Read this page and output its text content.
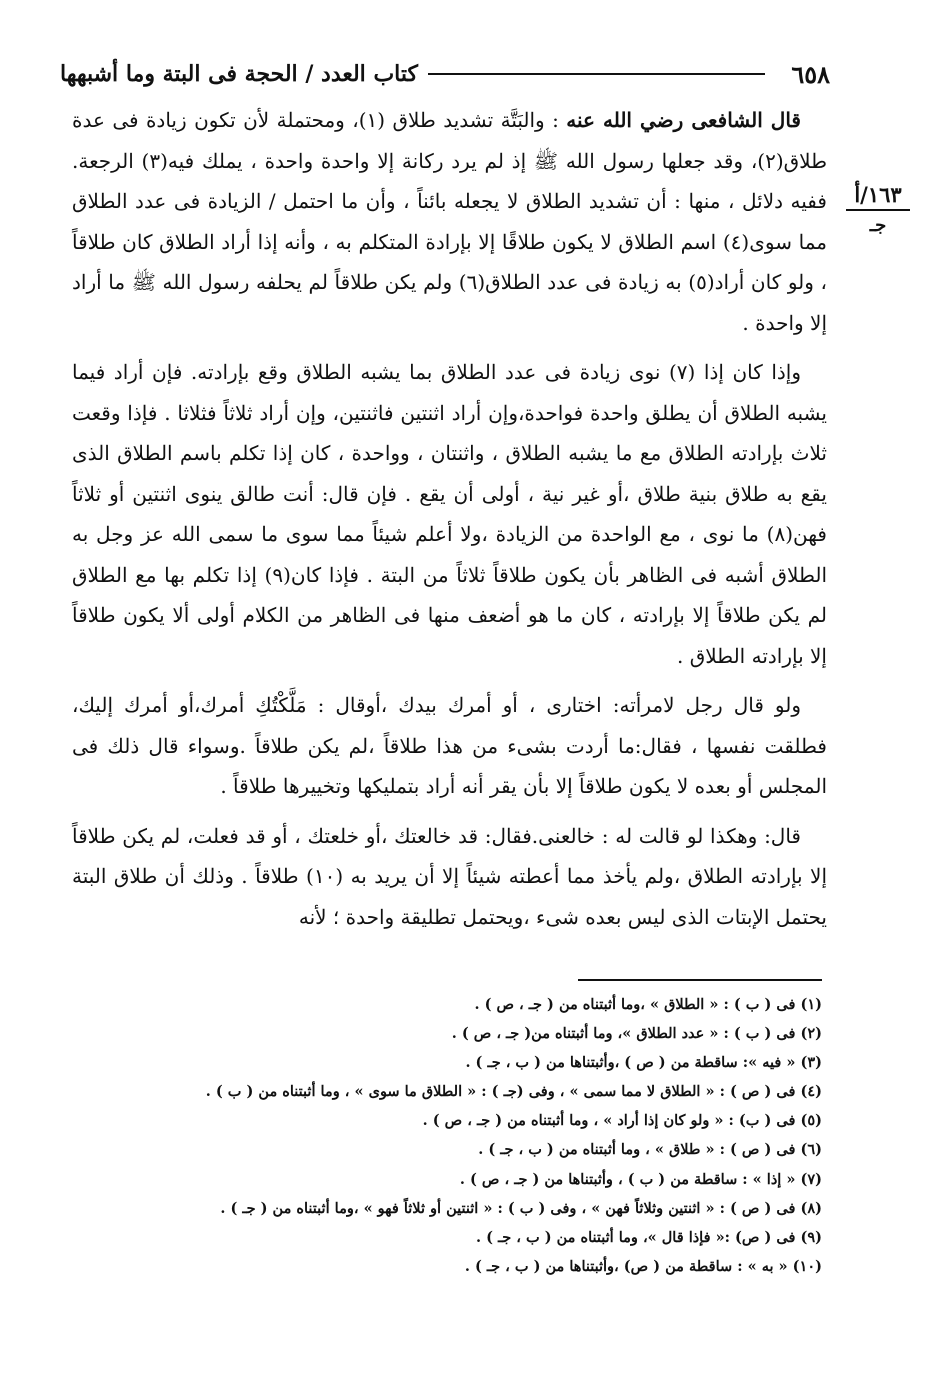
٦٥٨
كتاب العدد / الحجة فى البتة وما أشبهها
١٦٣/أ
جـ

قال الشافعى رضي الله عنه : والبَتَّة تشديد طلاق (١)، ومحتملة لأن تكون زيادة فى عدة طلاق(٢)، وقد جعلها رسول الله ﷺ إذ لم يرد ركانة إلا واحدة واحدة ، يملك فيه(٣) الرجعة. ففيه دلائل ، منها : أن تشديد الطلاق لا يجعله بائناً ، وأن ما احتمل / الزيادة فى عدد الطلاق مما سوى(٤) اسم الطلاق لا يكون طلاقًا إلا بإرادة المتكلم به ، وأنه إذا أراد الطلاق كان طلاقاً ، ولو كان أراد(٥) به زيادة فى عدد الطلاق(٦) ولم يكن طلاقاً لم يحلفه رسول الله ﷺ ما أراد إلا واحدة .

وإذا كان إذا (٧) نوى زيادة فى عدد الطلاق بما يشبه الطلاق وقع بإرادته. فإن أراد فيما يشبه الطلاق أن يطلق واحدة فواحدة،وإن أراد اثنتين فاثنتين، وإن أراد ثلاثاً فثلاثا . فإذا وقعت ثلاث بإرادته الطلاق مع ما يشبه الطلاق ، واثنتان ، وواحدة ، كان إذا تكلم باسم الطلاق الذى يقع به طلاق بنية طلاق ،أو غير نية ، أولى أن يقع . فإن قال: أنت طالق ينوى اثنتين أو ثلاثاً فهن(٨) ما نوى ، مع الواحدة من الزيادة ،ولا أعلم شيئاً مما سوى ما سمى الله عز وجل به الطلاق أشبه فى الظاهر بأن يكون طلاقاً ثلاثاً من البتة . فإذا كان(٩) إذا تكلم بها مع الطلاق لم يكن طلاقاً إلا بإرادته ، كان ما هو أضعف منها فى الظاهر من الكلام أولى ألا يكون طلاقاً إلا بإرادته الطلاق .

ولو قال رجل لامرأته: اختارى ، أو أمرك بيدك ،أوقال : مَلَّكْتُكِ أمرك،أو أمرك إليك، فطلقت نفسها ، فقال:ما أردت بشىء من هذا طلاقاً ،لم يكن طلاقاً .وسواء قال ذلك فى المجلس أو بعده لا يكون طلاقاً إلا بأن يقر أنه أراد بتمليكها وتخييرها طلاقاً .

قال: وهكذا لو قالت له : خالعنى.فقال: قد خالعتك ،أو خلعتك ، أو قد فعلت، لم يكن طلاقاً إلا بإرادته الطلاق ،ولم يأخذ مما أعطته شيئاً إلا أن يريد به (١٠) طلاقاً . وذلك أن طلاق البتة يحتمل الإبتات الذى ليس بعده شىء ،ويحتمل تطليقة واحدة ؛ لأنه

(١) فى ( ب ) : « الطلاق » ،وما أثبتناه من ( جـ ، ص ) .
(٢) فى ( ب ) : « عدد الطلاق »، وما أثبتناه من( جـ ، ص ) .
(٣) « فيه »: ساقطة من ( ص ) ،وأثبتناها من ( ب ، جـ ) .
(٤) فى ( ص ) : « الطلاق لا مما سمى » ، وفى (جـ ) : « الطلاق ما سوى » ، وما أثبتناه من ( ب ) .
(٥) فى ( ب) : « ولو كان إذا أراد » ، وما أثبتناه من ( جـ ، ص ) .
(٦) فى ( ص ) : « طلاق » ، وما أثبتناه من ( ب ، جـ ) .
(٧) « إذا » : ساقطة من ( ب ) ، وأثبتناها من ( جـ ، ص ) .
(٨) فى ( ص ) : « اثنتين وثلاثاً فهن » ، وفى ( ب ) : « اثنتين أو ثلاثاً فهو » ،وما أثبتناه من ( جـ ) .
(٩) فى ( ص) :« فإذا قال »، وما أثبتناه من ( ب ، جـ ) .
(١٠) « به » : ساقطة من ( ص) ،وأثبتناها من ( ب ، جـ ) .
